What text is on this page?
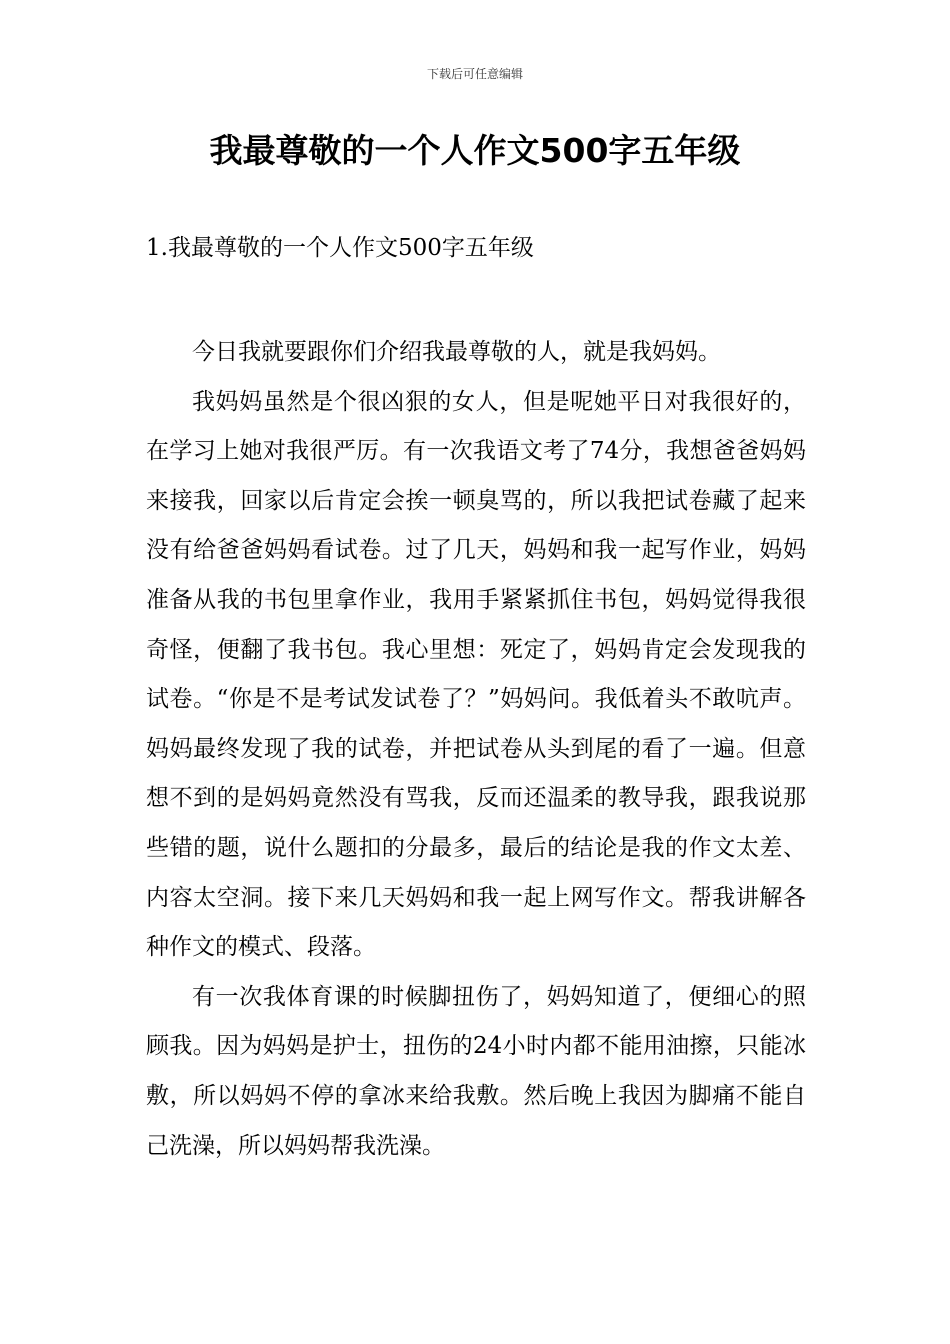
下载后可任意编辑
我最尊敬的一个人作文500字五年级
1.我最尊敬的一个人作文500字五年级

今日我就要跟你们介绍我最尊敬的人，就是我妈妈。

我妈妈虽然是个很凶狠的女人，但是呢她平日对我很好的，在学习上她对我很严厉。有一次我语文考了74分，我想爸爸妈妈来接我，回家以后肯定会挨一顿臭骂的，所以我把试卷藏了起来没有给爸爸妈妈看试卷。过了几天，妈妈和我一起写作业，妈妈准备从我的书包里拿作业，我用手紧紧抓住书包，妈妈觉得我很奇怪，便翻了我书包。我心里想：死定了，妈妈肯定会发现我的试卷。“你是不是考试发试卷了？”妈妈问。我低着头不敢吭声。妈妈最终发现了我的试卷，并把试卷从头到尾的看了一遍。但意想不到的是妈妈竟然没有骂我，反而还温柔的教导我，跟我说那些错的题，说什么题扣的分最多，最后的结论是我的作文太差、内容太空洞。接下来几天妈妈和我一起上网写作文。帮我讲解各种作文的模式、段落。

有一次我体育课的时候脚扭伤了，妈妈知道了，便细心的照顾我。因为妈妈是护士，扭伤的24小时内都不能用油擦，只能冰敷，所以妈妈不停的拿冰来给我敷。然后晚上我因为脚痛不能自己洗澡，所以妈妈帮我洗澡。
